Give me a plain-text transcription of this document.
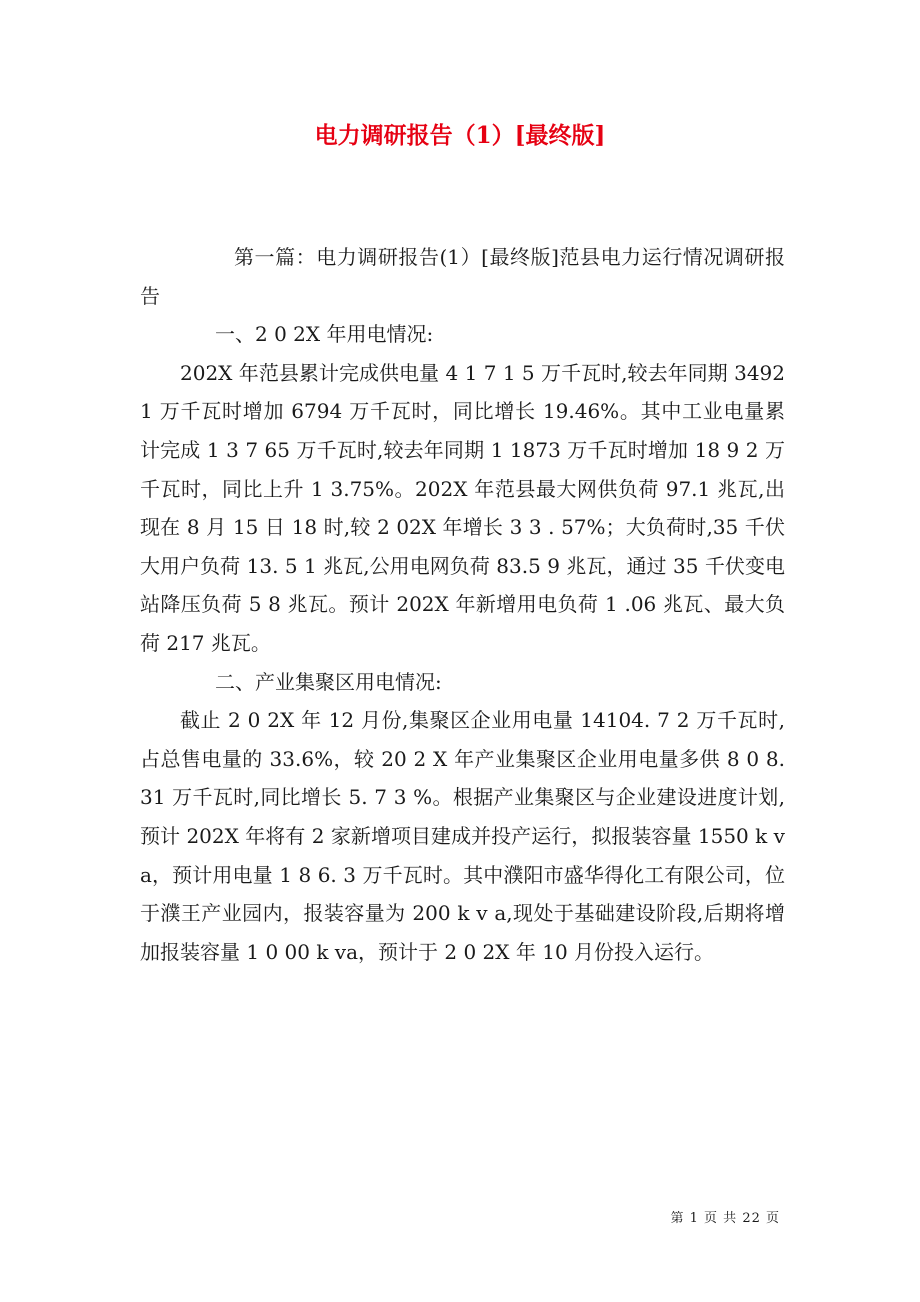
电力调研报告（1）[最终版]

第一篇：电力调研报告(1）[最终版]范县电力运行情况调研报告

一、2 0 2X 年用电情况:

202X 年范县累计完成供电量 4 1 7 1 5 万千瓦时,较去年同期 34921 万千瓦时增加 6794 万千瓦时，同比增长 19.46%。其中工业电量累计完成 1 3 7 65 万千瓦时,较去年同期 1 1873 万千瓦时增加 18 9 2 万千瓦时，同比上升 1 3.75%。202X 年范县最大网供负荷 97.1 兆瓦,出现在 8 月 15 日 18 时,较 2 02X 年增长 3 3 . 57%；大负荷时,35 千伏大用户负荷 13. 5 1 兆瓦,公用电网负荷 83.5 9 兆瓦，通过 35 千伏变电站降压负荷 5 8 兆瓦。预计 202X 年新增用电负荷 1 .06 兆瓦、最大负荷 217 兆瓦。

二、产业集聚区用电情况:

截止 2 0 2X 年 12 月份,集聚区企业用电量 14104. 7 2 万千瓦时,占总售电量的 33.6%，较 20 2 X 年产业集聚区企业用电量多供 8 0 8. 31 万千瓦时,同比增长 5. 7 3 %。根据产业集聚区与企业建设进度计划,预计 202X 年将有 2 家新增项目建成并投产运行，拟报装容量 1550 k va，预计用电量 1 8 6. 3 万千瓦时。其中濮阳市盛华得化工有限公司，位于濮王产业园内，报装容量为 200 k v a,现处于基础建设阶段,后期将增加报装容量 1 0 00 k va，预计于 2 0 2X 年 10 月份投入运行。

第 1 页 共 22 页
